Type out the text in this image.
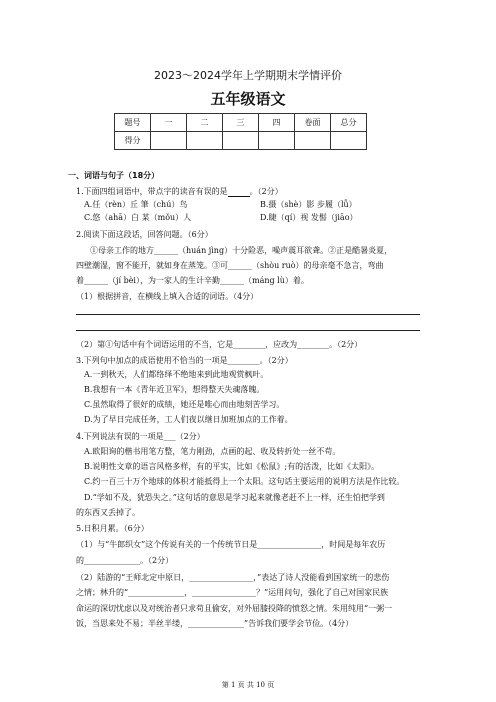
2023～2024学年上学期期末学情评价
五年级语文
题号	一	二	三	四	卷面	总分
得分						
一、词语与句子（18分）
1.下面四组词语中，带点字的读音有误的是	。（2分）
A.任（rèn）丘 筆（chú）鸟	B.摄（shè）影 步履（lǚ）
C.悠（ahā）白 某（mǒu）人	D.睫（qí）视 发髻（jiāo）
2.阅读下面这段话，回答问题。（6分）
①母亲工作的地方______（huán jìng）十分险恶，噪声震耳欲聋。②正是酷暑炎夏，
四壁潮湿，窗不能开，就如身在蒸笼。③可______（shòu ruò）的母亲毫不急言，弯曲
着______（jí bèi），为一家人的生计辛勤______（máng lù）着。
（1）根据拼音，在横线上填入合适的词语。（4分）
（2）第①句话中有个词语运用的不当，它是________，应改为________。（2分）
3.下列句中加点的成语使用不恰当的一项是________。（2分）
A.一到秋天，人们都络绎不绝地来到此地观赏枫叶。
B.我想有一本《青年近卫军》，想得整天失魂落魄。
C.虽然取得了很好的成绩，她还是唯心而由地刻苦学习。
D.为了早日完成任务，工人们夜以继日加班加点的工作着。
4.下列说法有误的一项是___（2分）
A.欧阳询的楷书用笔方整，笔力刚劲，点画的起、收及转折处一丝不苟。
B.说明性文章的语言风格多样，有的平实，比如《松鼠》;有的活泼，比如《太阳》。
C.约一百三十万个地球的体积才能抵得上一个太阳。这句话主要运用的说明方法是作比较。
D.“学如不及，犹恐失之。”这句话的意思是学习起来就像老赶不上一样，还生怕把学到
的东西又丢掉了。
5.日积月累。（6分）
（1）与“牛郎织女”这个传说有关的一个传统节日是________________，时间是每年农历
的______________。（2分）
（2）陆游的“王师北定中原日，________________，”表达了诗人没能看到国家统一的悲伤
之情；林升的“______________，________________？”运用问句，强化了自己对国家民族
命运的深切忧虑以及对统治者只求苟且偷安，对外屈膝投降的愤怒之情。朱用纯用“一粥一
饭，当思来处不易；半丝半缕，______________”告诉我们要学会节俭。（4分）
第 1 页 共 10 页
